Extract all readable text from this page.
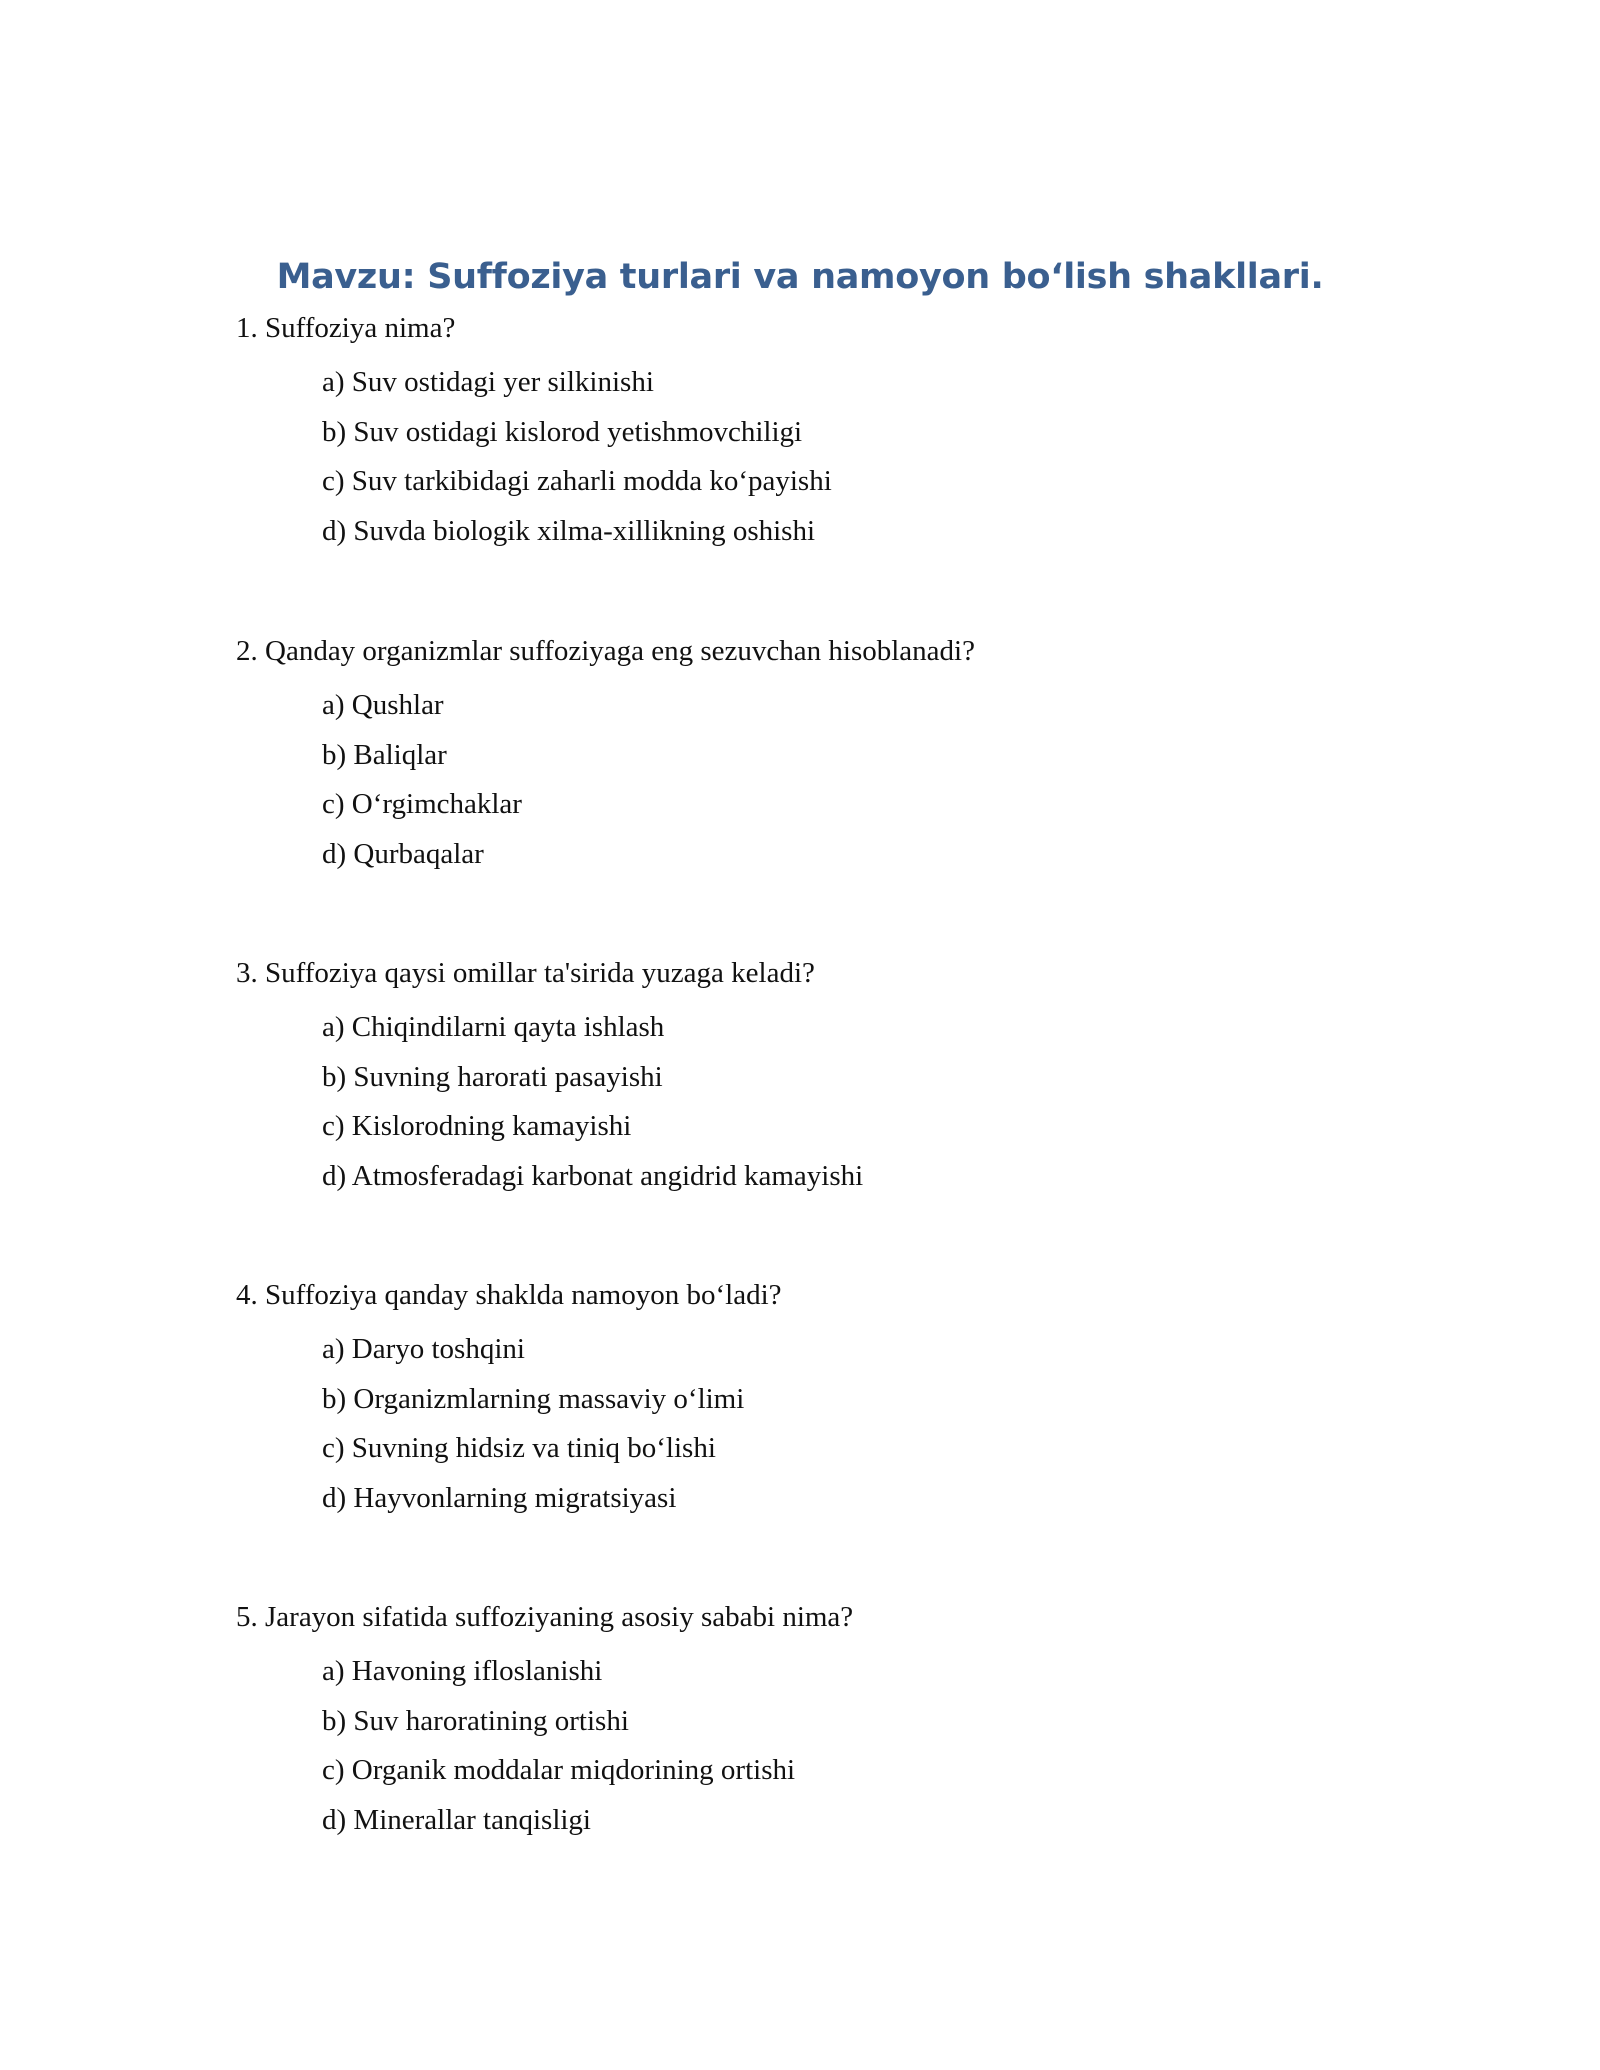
Mavzu: Suffoziya turlari va namoyon bo‘lish shakllari.

1. Suffoziya nima?

a) Suv ostidagi yer silkinishi
b) Suv ostidagi kislorod yetishmovchiligi
c) Suv tarkibidagi zaharli modda ko‘payishi
d) Suvda biologik xilma-xillikning oshishi

2. Qanday organizmlar suffoziyaga eng sezuvchan hisoblanadi?

a) Qushlar
b) Baliqlar
c) O‘rgimchaklar
d) Qurbaqalar

3. Suffoziya qaysi omillar ta'sirida yuzaga keladi?

a) Chiqindilarni qayta ishlash
b) Suvning harorati pasayishi
c) Kislorodning kamayishi
d) Atmosferadagi karbonat angidrid kamayishi

4. Suffoziya qanday shaklda namoyon bo‘ladi?

a) Daryo toshqini
b) Organizmlarning massaviy o‘limi
c) Suvning hidsiz va tiniq bo‘lishi
d) Hayvonlarning migratsiyasi

5. Jarayon sifatida suffoziyaning asosiy sababi nima?

a) Havoning ifloslanishi
b) Suv haroratining ortishi
c) Organik moddalar miqdorining ortishi
d) Minerallar tanqisligi
